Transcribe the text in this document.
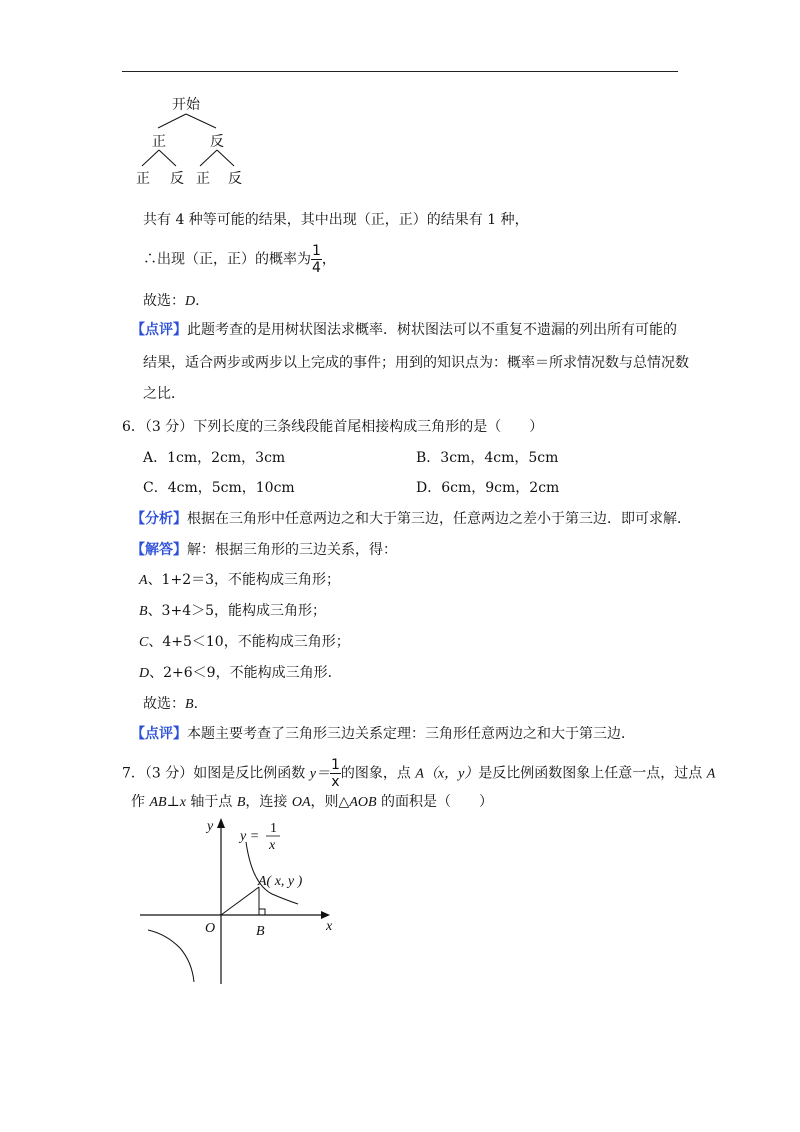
开始
正	反
正 反 正 反
共有 4 种等可能的结果，其中出现（正，正）的结果有 1 种，
∴出现（正，正）的概率为 $\frac{1}{4}$ ，
故选：D.
【点评】此题考查的是用树状图法求概率．树状图法可以不重复不遗漏的列出所有可能的
结果，适合两步或两步以上完成的事件；用到的知识点为：概率＝所求情况数与总情况数
之比．
6．（3 分）下列长度的三条线段能首尾相接构成三角形的是（　　）
A．1cm，2cm，3cm	B．3cm，4cm，5cm
C．4cm，5cm，10cm	D．6cm，9cm，2cm
【分析】根据在三角形中任意两边之和大于第三边，任意两边之差小于第三边．即可求解．
【解答】解：根据三角形的三边关系，得：
A、1+2＝3，不能构成三角形；
B、3+4＞5，能构成三角形；
C、4+5＜10，不能构成三角形；
D、2+6＜9，不能构成三角形．
故选：B.
【点评】本题主要考查了三角形三边关系定理：三角形任意两边之和大于第三边．
7．（3 分）如图是反比例函数 $y= \frac{1}{x}$ 的图象，点 A（x，y）是反比例函数图象上任意一点，过点 A
作 AB⊥x 轴于点 B，连接 OA，则△AOB 的面积是（　　）
y
x
O	B
A( x, y )
y =
1
x
